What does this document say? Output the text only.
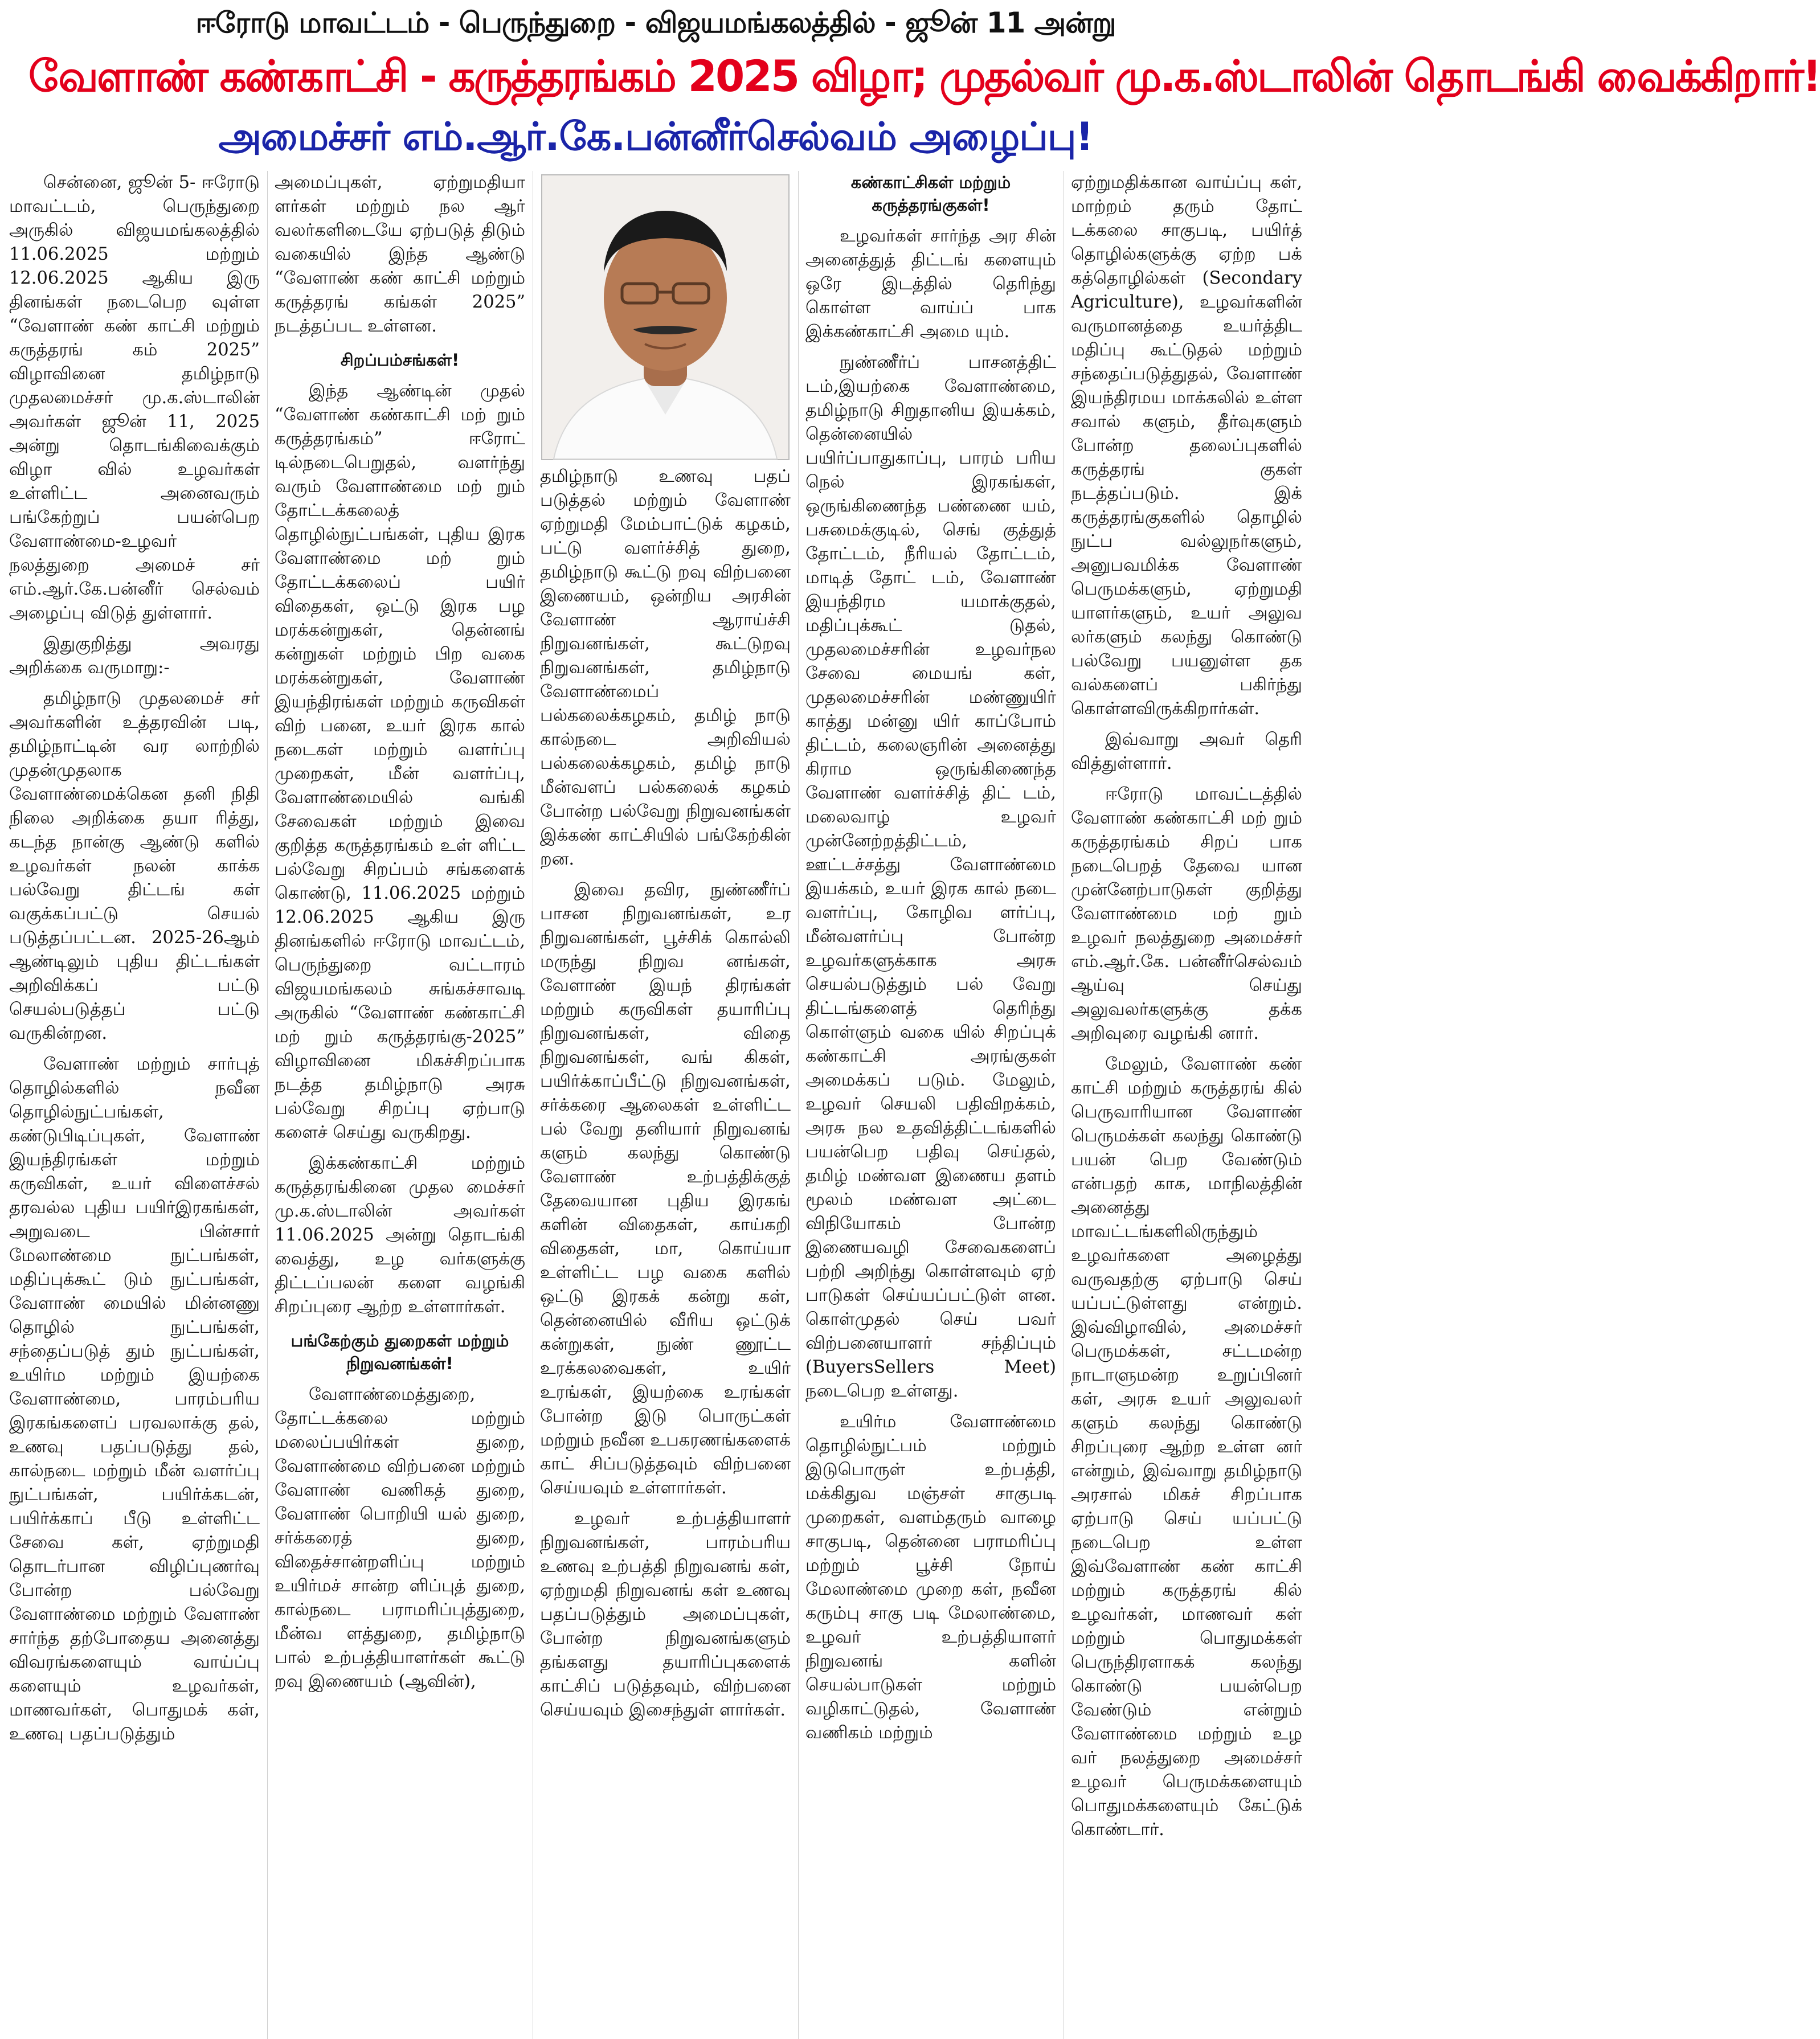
ஈரோடு மாவட்டம் - பெருந்துறை - விஜயமங்கலத்தில் - ஜூன் 11 அன்று
வேளாண் கண்காட்சி - கருத்தரங்கம் 2025 விழா; முதல்வர் மு.க.ஸ்டாலின் தொடங்கி வைக்கிறார்!
அமைச்சர் எம்.ஆர்.கே.பன்னீர்செல்வம் அழைப்பு!

சென்னை, ஜூன் 5- ஈரோடு மாவட்டம், பெருந்துறை அருகில் விஜயமங்கலத்தில் 11.06.2025 மற்றும் 12.06.2025 ஆகிய இரு தினங்கள் நடைபெற வுள்ள “வேளாண் கண் காட்சி மற்றும் கருத்தரங் கம் 2025” விழாவினை தமிழ்நாடு முதலமைச்சர் மு.க.ஸ்டாலின் அவர்கள் ஜூன் 11, 2025 அன்று தொடங்கிவைக்கும் விழா வில் உழவர்கள் உள்ளிட்ட அனைவரும் பங்கேற்றுப் பயன்பெற வேளாண்மை-உழவர் நலத்துறை அமைச் சர் எம்.ஆர்.கே.பன்னீர் செல்வம் அழைப்பு விடுத் துள்ளார்.

இதுகுறித்து அவரது அறிக்கை வருமாறு:-

தமிழ்நாடு முதலமைச் சர் அவர்களின் உத்தரவின் படி, தமிழ்நாட்டின் வர லாற்றில் முதன்முதலாக வேளாண்மைக்கென தனி நிதி நிலை அறிக்கை தயா ரித்து, கடந்த நான்கு ஆண்டு களில் உழவர்கள் நலன் காக்க பல்வேறு திட்டங் கள் வகுக்கப்பட்டு செயல் படுத்தப்பட்டன. 2025-26ஆம் ஆண்டிலும் புதிய திட்டங்கள் அறிவிக்கப் பட்டு செயல்படுத்தப் பட்டு வருகின்றன.

வேளாண் மற்றும் சார்புத் தொழில்களில் நவீன தொழில்நுட்பங்கள், கண்டுபிடிப்புகள், வேளாண் இயந்திரங்கள் மற்றும் கருவிகள், உயர் விளைச்சல் தரவல்ல புதிய பயிர்இரகங்கள், அறுவடை பின்சார் மேலாண்மை நுட்பங்கள், மதிப்புக்கூட் டும் நுட்பங்கள், வேளாண் மையில் மின்னணு தொழில் நுட்பங்கள், சந்தைப்படுத் தும் நுட்பங்கள், உயிர்ம மற்றும் இயற்கை வேளாண்மை, பாரம்பரிய இரகங்களைப் பரவலாக்கு தல், உணவு பதப்படுத்து தல், கால்நடை மற்றும் மீன் வளர்ப்பு நுட்பங்கள், பயிர்க்கடன், பயிர்க்காப் பீடு உள்ளிட்ட சேவை கள், ஏற்றுமதி தொடர்பான விழிப்புணர்வு போன்ற பல்வேறு வேளாண்மை மற்றும் வேளாண் சார்ந்த தற்போதைய அனைத்து விவரங்களையும் வாய்ப்பு களையும் உழவர்கள், மாணவர்கள், பொதுமக் கள், உணவு பதப்படுத்தும்

அமைப்புகள், ஏற்றுமதியா ளர்கள் மற்றும் நல ஆர் வலர்களிடையே ஏற்படுத் திடும் வகையில் இந்த ஆண்டு “வேளாண் கண் காட்சி மற்றும் கருத்தரங் கங்கள் 2025” நடத்தப்பட உள்ளன.

சிறப்பம்சங்கள்!

இந்த ஆண்டின் முதல் “வேளாண் கண்காட்சி மற் றும் கருத்தரங்கம்” ஈரோட் டில்நடைபெறுதல், வளர்ந்து வரும் வேளாண்மை மற் றும் தோட்டக்கலைத் தொழில்நுட்பங்கள், புதிய இரக வேளாண்மை மற் றும் தோட்டக்கலைப் பயிர் விதைகள், ஒட்டு இரக பழ மரக்கன்றுகள், தென்னங் கன்றுகள் மற்றும் பிற வகை மரக்கன்றுகள், வேளாண் இயந்திரங்கள் மற்றும் கருவிகள் விற் பனை, உயர் இரக கால் நடைகள் மற்றும் வளர்ப்பு முறைகள், மீன் வளர்ப்பு, வேளாண்மையில் வங்கி சேவைகள் மற்றும் இவை குறித்த கருத்தரங்கம் உள் ளிட்ட பல்வேறு சிறப்பம் சங்களைக் கொண்டு, 11.06.2025 மற்றும் 12.06.2025 ஆகிய இரு தினங்களில் ஈரோடு மாவட்டம், பெருந்துறை வட்டாரம் விஜயமங்கலம் சுங்கச்சாவடி அருகில் “வேளாண் கண்காட்சி மற் றும் கருத்தரங்கு-2025” விழாவினை மிகச்சிறப்பாக நடத்த தமிழ்நாடு அரசு பல்வேறு சிறப்பு ஏற்பாடு களைச் செய்து வருகிறது.

இக்கண்காட்சி மற்றும் கருத்தரங்கினை முதல மைச்சர் மு.க.ஸ்டாலின் அவர்கள் 11.06.2025 அன்று தொடங்கி வைத்து, உழ வர்களுக்கு திட்டப்பலன் களை வழங்கி சிறப்புரை ஆற்ற உள்ளார்கள்.

பங்கேற்கும் துறைகள் மற்றும் நிறுவனங்கள்!

வேளாண்மைத்துறை, தோட்டக்கலை மற்றும் மலைப்பயிர்கள் துறை, வேளாண்மை விற்பனை மற்றும் வேளாண் வணிகத் துறை, வேளாண் பொறியி யல் துறை, சர்க்கரைத் துறை, விதைச்சான்றளிப்பு மற்றும் உயிர்மச் சான்ற ளிப்புத் துறை, கால்நடை பராமரிப்புத்துறை, மீன்வ ளத்துறை, தமிழ்நாடு பால் உற்பத்தியாளர்கள் கூட்டு றவு இணையம் (ஆவின்),

தமிழ்நாடு உணவு பதப் படுத்தல் மற்றும் வேளாண் ஏற்றுமதி மேம்பாட்டுக் கழகம், பட்டு வளர்ச்சித் துறை, தமிழ்நாடு கூட்டு றவு விற்பனை இணையம், ஒன்றிய அரசின் வேளாண் ஆராய்ச்சி நிறுவனங்கள், கூட்டுறவு நிறுவனங்கள், தமிழ்நாடு வேளாண்மைப் பல்கலைக்கழகம், தமிழ் நாடு கால்நடை அறிவியல் பல்கலைக்கழகம், தமிழ் நாடு மீன்வளப் பல்கலைக் கழகம் போன்ற பல்வேறு நிறுவனங்கள் இக்கண் காட்சியில் பங்கேற்கின் றன.

இவை தவிர, நுண்ணீர்ப் பாசன நிறுவனங்கள், உர நிறுவனங்கள், பூச்சிக் கொல்லி மருந்து நிறுவ னங்கள், வேளாண் இயந் திரங்கள் மற்றும் கருவிகள் தயாரிப்பு நிறுவனங்கள், விதை நிறுவனங்கள், வங் கிகள், பயிர்க்காப்பீட்டு நிறுவனங்கள், சர்க்கரை ஆலைகள் உள்ளிட்ட பல் வேறு தனியார் நிறுவனங் களும் கலந்து கொண்டு வேளாண் உற்பத்திக்குத் தேவையான புதிய இரகங் களின் விதைகள், காய்கறி விதைகள், மா, கொய்யா உள்ளிட்ட பழ வகை களில் ஒட்டு இரகக் கன்று கள், தென்னையில் வீரிய ஒட்டுக் கன்றுகள், நுண் ணூட்ட உரக்கலவைகள், உயிர் உரங்கள், இயற்கை உரங்கள் போன்ற இடு பொருட்கள் மற்றும் நவீன உபகரணங்களைக் காட் சிப்படுத்தவும் விற்பனை செய்யவும் உள்ளார்கள்.

உழவர் உற்பத்தியாளர் நிறுவனங்கள், பாரம்பரிய உணவு உற்பத்தி நிறுவனங் கள், ஏற்றுமதி நிறுவனங் கள் உணவு பதப்படுத்தும் அமைப்புகள், போன்ற நிறுவனங்களும் தங்களது தயாரிப்புகளைக் காட்சிப் படுத்தவும், விற்பனை செய்யவும் இசைந்துள் ளார்கள்.

கண்காட்சிகள் மற்றும் கருத்தரங்குகள்!

உழவர்கள் சார்ந்த அர சின் அனைத்துத் திட்டங் களையும் ஒரே இடத்தில் தெரிந்து கொள்ள வாய்ப் பாக இக்கண்காட்சி அமை யும்.

நுண்ணீர்ப் பாசனத்திட் டம்,இயற்கை வேளாண்மை, தமிழ்நாடு சிறுதானிய இயக்கம், தென்னையில் பயிர்ப்பாதுகாப்பு, பாரம் பரிய நெல் இரகங்கள், ஒருங்கிணைந்த பண்ணை யம், பசுமைக்குடில், செங் குத்துத் தோட்டம், நீரியல் தோட்டம், மாடித் தோட் டம், வேளாண் இயந்திரம யமாக்குதல், மதிப்புக்கூட் டுதல், முதலமைச்சரின் உழவர்நல சேவை மையங் கள், முதலமைச்சரின் மண்ணுயிர் காத்து மன்னு யிர் காப்போம் திட்டம், கலைஞரின் அனைத்து கிராம ஒருங்கிணைந்த வேளாண் வளர்ச்சித் திட் டம், மலைவாழ் உழவர் முன்னேற்றத்திட்டம், ஊட்டச்சத்து வேளாண்மை இயக்கம், உயர் இரக கால் நடை வளர்ப்பு, கோழிவ ளர்ப்பு, மீன்வளர்ப்பு போன்ற உழவர்களுக்காக அரசு செயல்படுத்தும் பல் வேறு திட்டங்களைத் தெரிந்து கொள்ளும் வகை யில் சிறப்புக் கண்காட்சி அரங்குகள் அமைக்கப் படும். மேலும், உழவர் செயலி பதிவிறக்கம், அரசு நல உதவித்திட்டங்களில் பயன்பெற பதிவு செய்தல், தமிழ் மண்வள இணைய தளம் மூலம் மண்வள அட்டை விநியோகம் போன்ற இணையவழி சேவைகளைப் பற்றி அறிந்து கொள்ளவும் ஏற் பாடுகள் செய்யப்பட்டுள் ளன. கொள்முதல் செய் பவர் விற்பனையாளர் சந்திப்பும் (BuyersSellers Meet) நடைபெற உள்ளது.

உயிர்ம வேளாண்மை தொழில்நுட்பம் மற்றும் இடுபொருள் உற்பத்தி, மக்கிதுவ மஞ்சள் சாகுபடி முறைகள், வளம்தரும் வாழை சாகுபடி, தென்னை பராமரிப்பு மற்றும் பூச்சி நோய் மேலாண்மை முறை கள், நவீன கரும்பு சாகு படி மேலாண்மை, உழவர் உற்பத்தியாளர் நிறுவனங் களின் செயல்பாடுகள் மற்றும் வழிகாட்டுதல், வேளாண் வணிகம் மற்றும்

ஏற்றுமதிக்கான வாய்ப்பு கள், மாற்றம் தரும் தோட் டக்கலை சாகுபடி, பயிர்த் தொழில்களுக்கு ஏற்ற பக் கத்தொழில்கள் (Secondary Agriculture), உழவர்களின் வருமானத்தை உயர்த்திட மதிப்பு கூட்டுதல் மற்றும் சந்தைப்படுத்துதல், வேளாண் இயந்திரமய மாக்கலில் உள்ள சவால் களும், தீர்வுகளும் போன்ற தலைப்புகளில் கருத்தரங் குகள் நடத்தப்படும். இக் கருத்தரங்குகளில் தொழில் நுட்ப வல்லுநர்களும், அனுபவமிக்க வேளாண் பெருமக்களும், ஏற்றுமதி யாளர்களும், உயர் அலுவ லர்களும் கலந்து கொண்டு பல்வேறு பயனுள்ள தக வல்களைப் பகிர்ந்து கொள்ளவிருக்கிறார்கள்.

இவ்வாறு அவர் தெரி வித்துள்ளார்.

ஈரோடு மாவட்டத்தில் வேளாண் கண்காட்சி மற் றும் கருத்தரங்கம் சிறப் பாக நடைபெறத் தேவை யான முன்னேற்பாடுகள் குறித்து வேளாண்மை மற் றும் உழவர் நலத்துறை அமைச்சர் எம்.ஆர்.கே. பன்னீர்செல்வம் ஆய்வு செய்து அலுவலர்களுக்கு தக்க அறிவுரை வழங்கி னார்.

மேலும், வேளாண் கண் காட்சி மற்றும் கருத்தரங் கில் பெருவாரியான வேளாண் பெருமக்கள் கலந்து கொண்டு பயன் பெற வேண்டும் என்பதற் காக, மாநிலத்தின் அனைத்து மாவட்டங்களிலிருந்தும் உழவர்களை அழைத்து வருவதற்கு ஏற்பாடு செய் யப்பட்டுள்ளது என்றும். இவ்விழாவில், அமைச்சர் பெருமக்கள், சட்டமன்ற நாடாளுமன்ற உறுப்பினர் கள், அரசு உயர் அலுவலர் களும் கலந்து கொண்டு சிறப்புரை ஆற்ற உள்ள னர் என்றும், இவ்வாறு தமிழ்நாடு அரசால் மிகச் சிறப்பாக ஏற்பாடு செய் யப்பட்டு நடைபெற உள்ள இவ்வேளாண் கண் காட்சி மற்றும் கருத்தரங் கில் உழவர்கள், மாணவர் கள் மற்றும் பொதுமக்கள் பெருந்திரளாகக் கலந்து கொண்டு பயன்பெற வேண்டும் என்றும் வேளாண்மை மற்றும் உழ வர் நலத்துறை அமைச்சர் உழவர் பெருமக்களையும் பொதுமக்களையும் கேட்டுக் கொண்டார்.
